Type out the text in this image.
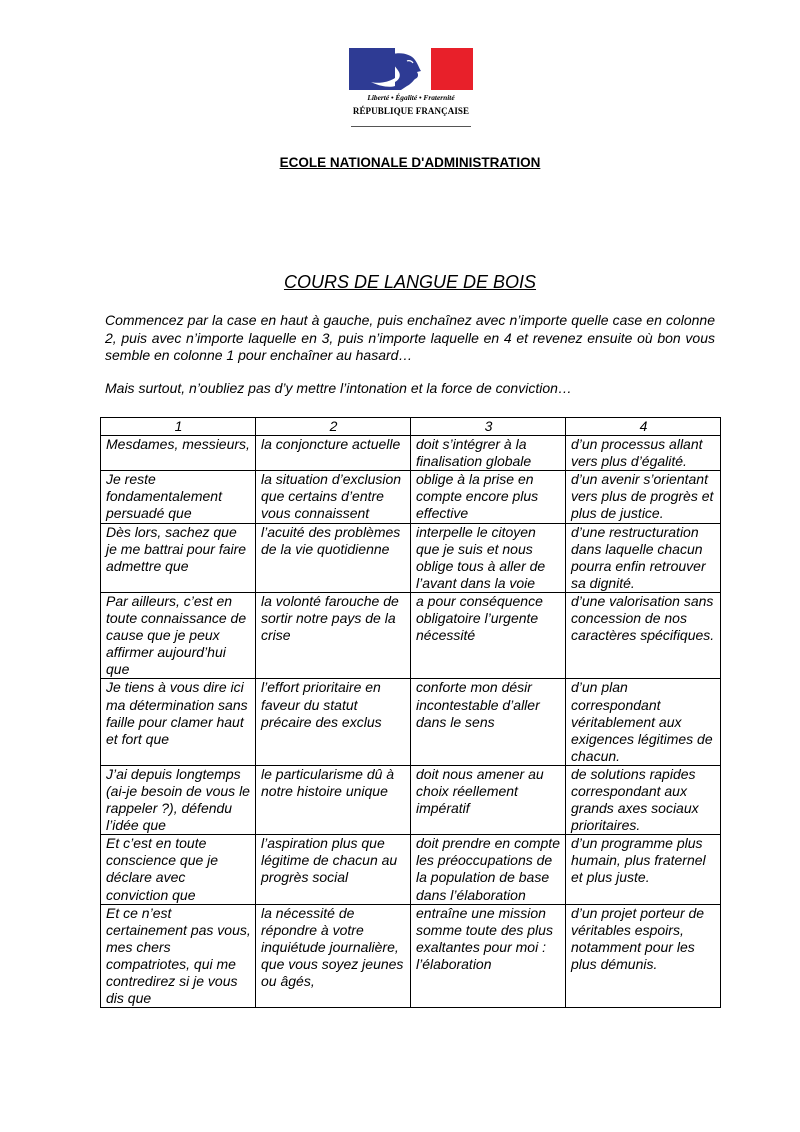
Liberté • Égalité • Fraternité
RÉPUBLIQUE FRANÇAISE
ECOLE NATIONALE D'ADMINISTRATION
COURS DE LANGUE DE BOIS

Commencez par la case en haut à gauche, puis enchaînez avec n’importe quelle case en colonne 2, puis avec n’importe laquelle en 3, puis n’importe laquelle en 4 et revenez ensuite où bon vous semble en colonne 1 pour enchaîner au hasard…

Mais surtout, n’oubliez pas d’y mettre l’intonation et la force de conviction…

1	2	3	4
Mesdames, messieurs,	la conjoncture actuelle	doit s’intégrer à la finalisation globale	d’un processus allant vers plus d’égalité.
Je reste fondamentalement persuadé que	la situation d’exclusion que certains d’entre vous connaissent	oblige à la prise en compte encore plus effective	d’un avenir s’orientant vers plus de progrès et plus de justice.
Dès lors, sachez que je me battrai pour faire admettre que	l’acuité des problèmes de la vie quotidienne	interpelle le citoyen que je suis et nous oblige tous à aller de l’avant dans la voie	d’une restructuration dans laquelle chacun pourra enfin retrouver sa dignité.
Par ailleurs, c’est en toute connaissance de cause que je peux affirmer aujourd’hui que	la volonté farouche de sortir notre pays de la crise	a pour conséquence obligatoire l’urgente nécessité	d’une valorisation sans concession de nos caractères spécifiques.
Je tiens à vous dire ici ma détermination sans faille pour clamer haut et fort que	l’effort prioritaire en faveur du statut précaire des exclus	conforte mon désir incontestable d’aller dans le sens	d’un plan correspondant véritablement aux exigences légitimes de chacun.
J’ai depuis longtemps (ai-je besoin de vous le rappeler ?), défendu l’idée que	le particularisme dû à notre histoire unique	doit nous amener au choix réellement impératif	de solutions rapides correspondant aux grands axes sociaux prioritaires.
Et c’est en toute conscience que je déclare avec conviction que	l’aspiration plus que légitime de chacun au progrès social	doit prendre en compte les préoccupations de la population de base dans l’élaboration	d’un programme plus humain, plus fraternel et plus juste.
Et ce n’est certainement pas vous, mes chers compatriotes, qui me contredirez si je vous dis que	la nécessité de répondre à votre inquiétude journalière, que vous soyez jeunes ou âgés,	entraîne une mission somme toute des plus exaltantes pour moi : l’élaboration	d’un projet porteur de véritables espoirs, notamment pour les plus démunis.
